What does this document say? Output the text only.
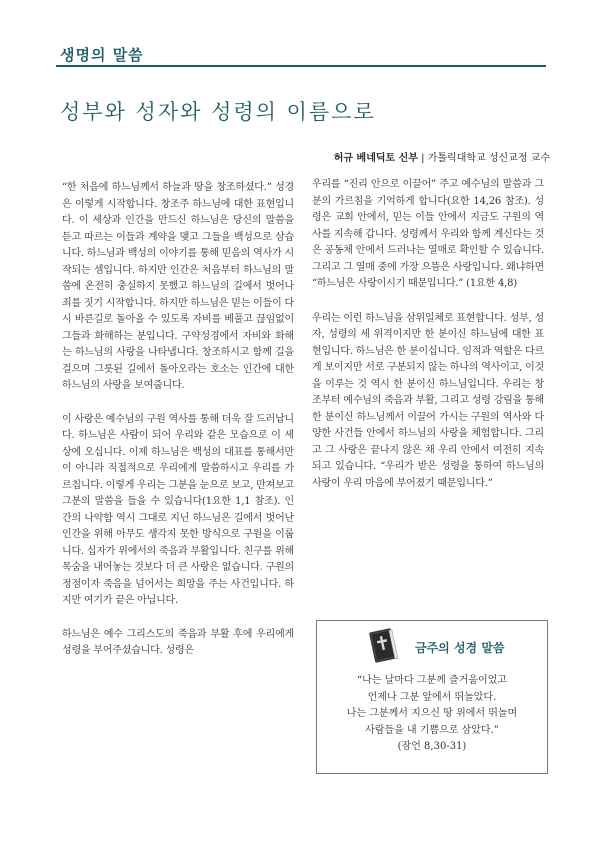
생명의 말씀
성부와 성자와 성령의 이름으로
허규 베네딕토 신부 | 가톨릭대학교 성신교정 교수

“한 처음에 하느님께서 하늘과 땅을 창조하셨다.” 성경은 이렇게 시작합니다. 창조주 하느님에 대한 표현입니다. 이 세상과 인간을 만드신 하느님은 당신의 말씀을 듣고 따르는 이들과 계약을 맺고 그들을 백성으로 삼습니다. 하느님과 백성의 이야기를 통해 믿음의 역사가 시작되는 셈입니다. 하지만 인간은 처음부터 하느님의 말씀에 온전히 충실하지 못했고 하느님의 길에서 벗어나 죄를 짓기 시작합니다. 하지만 하느님은 믿는 이들이 다시 바른길로 돌아올 수 있도록 자비를 베풀고 끊임없이 그들과 화해하는 분입니다. 구약성경에서 자비와 화해는 하느님의 사랑을 나타냅니다. 창조하시고 함께 길을 걸으며 그릇된 길에서 돌아오라는 호소는 인간에 대한 하느님의 사랑을 보여줍니다.

이 사랑은 예수님의 구원 역사를 통해 더욱 잘 드러납니다. 하느님은 사람이 되어 우리와 같은 모습으로 이 세상에 오십니다. 이제 하느님은 백성의 대표를 통해서만이 아니라 직접적으로 우리에게 말씀하시고 우리를 가르칩니다. 이렇게 우리는 그분을 눈으로 보고, 만져보고 그분의 말씀을 들을 수 있습니다(1요한 1,1 참조). 인간의 나약함 역시 그대로 지닌 하느님은 길에서 벗어난 인간을 위해 아무도 생각지 못한 방식으로 구원을 이룹니다. 십자가 위에서의 죽음과 부활입니다. 친구를 위해 목숨을 내어놓는 것보다 더 큰 사랑은 없습니다. 구원의 정점이자 죽음을 넘어서는 희망을 주는 사건입니다. 하지만 여기가 끝은 아닙니다.

하느님은 예수 그리스도의 죽음과 부활 후에 우리에게 성령을 부어주셨습니다. 성령은

우리를 “진리 안으로 이끌어” 주고 예수님의 말씀과 그분의 가르침을 기억하게 합니다(요한 14,26 참조). 성령은 교회 안에서, 믿는 이들 안에서 지금도 구원의 역사를 지속해 갑니다. 성령께서 우리와 함께 계신다는 것은 공동체 안에서 드러나는 열매로 확인할 수 있습니다. 그리고 그 열매 중에 가장 으뜸은 사랑입니다. 왜냐하면 “하느님은 사랑이시기 때문입니다.” (1요한 4,8)

우리는 이런 하느님을 삼위일체로 표현합니다. 성부, 성자, 성령의 세 위격이지만 한 분이신 하느님에 대한 표현입니다. 하느님은 한 분이십니다. 임적과 역할은 다르게 보이지만 서로 구분되지 않는 하나의 역사이고, 이것을 이루는 것 역시 한 분이신 하느님입니다. 우리는 창조부터 예수님의 죽음과 부활, 그리고 성령 강림을 통해 한 분이신 하느님께서 이끌어 가시는 구원의 역사와 다양한 사건들 안에서 하느님의 사랑을 체험합니다. 그리고 그 사랑은 끝나지 않은 채 우리 안에서 여전히 지속되고 있습니다. “우리가 받은 성령을 통하여 하느님의 사랑이 우리 마음에 부어졌기 때문입니다.”

금주의 성경 말씀
“나는 날마다 그분께 즐거움이었고
언제나 그분 앞에서 뛰놀았다.
나는 그분께서 지으신 땅 위에서 뛰놀며
사람들을 내 기쁨으로 삼았다.”
(잠언 8,30-31)
